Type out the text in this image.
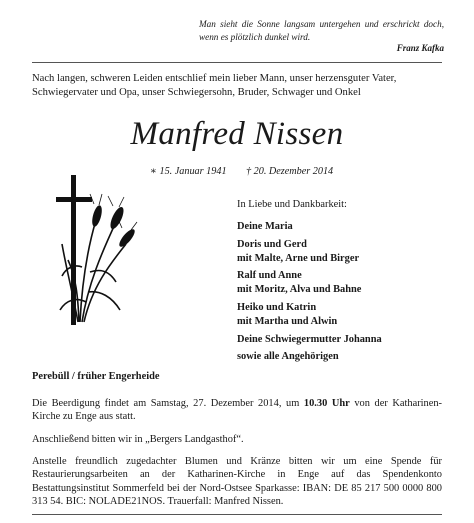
Man sieht die Sonne langsam untergehen und erschrickt doch, wenn es plötzlich dunkel wird.
Franz Kafka
Nach langen, schweren Leiden entschlief mein lieber Mann, unser herzensguter Vater, Schwiegervater und Opa, unser Schwiegersohn, Bruder, Schwager und Onkel
Manfred Nissen
∗ 15. Januar 1941 † 20. Dezember 2014
In Liebe und Dankbarkeit:
Deine Maria
Doris und Gerd
mit Malte, Arne und Birger
Ralf und Anne
mit Moritz, Alva und Bahne
Heiko und Katrin
mit Martha und Alwin
Deine Schwiegermutter Johanna
sowie alle Angehörigen
Perebüll / früher Engerheide
Die Beerdigung findet am Samstag, 27. Dezember 2014, um 10.30 Uhr von der Katharinen-Kirche zu Enge aus statt.
Anschließend bitten wir in „Bergers Landgasthof“.
Anstelle freundlich zugedachter Blumen und Kränze bitten wir um eine Spende für Restaurierungsarbeiten an der Katharinen-Kirche in Enge auf das Spendenkonto Bestattungsinstitut Sommerfeld bei der Nord-Ostsee Sparkasse: IBAN: DE 85 217 500 0000 800 313 54. BIC: NOLADE21NOS. Trauerfall: Manfred Nissen.
